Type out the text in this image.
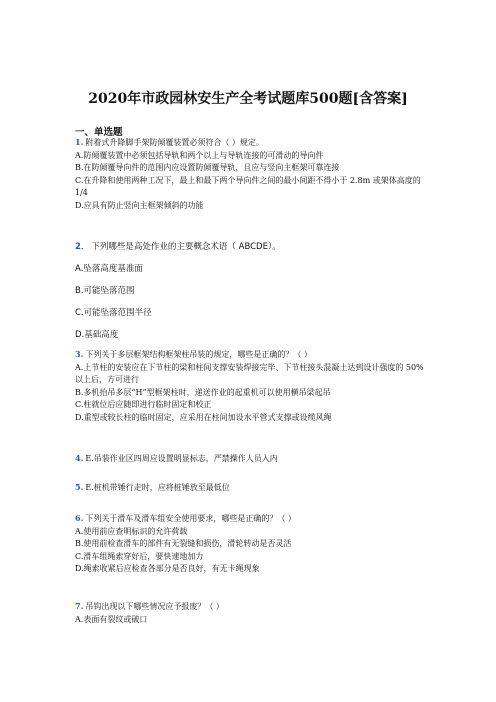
2020年市政园林安生产全考试题库500题[含答案]
一、单选题
1. 附着式升降脚手架防倾覆装置必须符合（ ）规定。
A.防倾覆装置中必须包括导轨和两个以上与导轨连接的可滑动的导向件
B.在防倾覆导向件的范围内应设置防倾覆导轨，且应与竖向主框架可靠连接
C.在升降和使用两种工况下，最上和最下两个导向件之间的最小间距不得小于 2.8m 或架体高度的 1/4
D.应具有防止竖向主框架倾斜的功能
2． 下列哪些是高处作业的主要概念术语（ ABCDE）。
A.坠落高度基准面
B.可能坠落范围
C.可能坠落范围半径
D.基础高度
3. 下列关于多层框架结构框架柱吊装的规定，哪些是正确的？（ ）
A.上节柱的安装应在下节柱的梁和柱间支撑安装焊接完毕、下节柱接头混凝土达到设计强度的 50%以上后，方可进行
B.多机抬吊多层“H”型框架柱时，递送作业的起重机可以使用横吊梁起吊
C.柱就位后应随即进行临时固定和校正
D.重型或较长柱的临时固定，应采用在柱间加设水平管式支撑或设缆风绳
4. E.吊装作业区四周应设置明显标志，严禁操作人员入内
5. E.桩机带锤行走时，应将桩锤放至最低位
6. 下列关于滑车及滑车组安全使用要求，哪些是正确的？（ ）
A.使用前应查明标识的允许荷载
B.使用前检查滑车的部件有无裂缝和损伤，滑轮转动是否灵活
C.滑车组绳索穿好后，要快速地加力
D.绳索收紧后应检查各部分是否良好，有无卡绳现象
7. 吊钩出现以下哪些情况应予报废？（ ）
A.表面有裂纹或破口
